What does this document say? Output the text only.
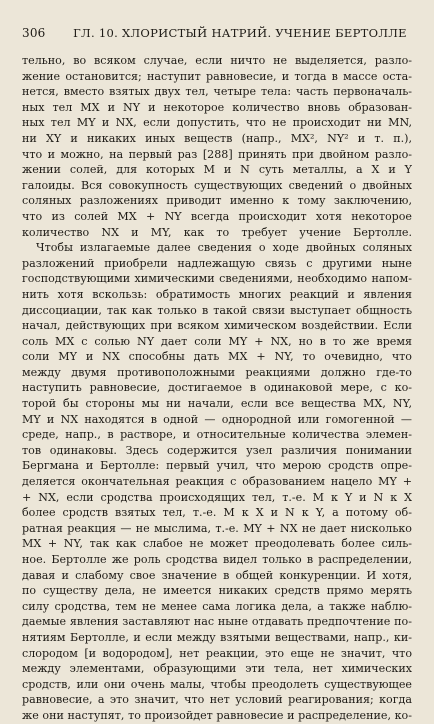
306	ГЛ. 10. ХЛОРИСТЫЙ НАТРИЙ. УЧЕНИЕ БЕРТОЛЛЕ
тельно, во всяком случае, если ничто не выделяется, разло-
жение остановится; наступит равновесие, и тогда в массе оста-
нется, вместо взятых двух тел, четыре тела: часть первоначаль-
ных тел MX и NY и некоторое количество вновь образован-
ных тел MY и NX, если допустить, что не происходит ни MN,
ни XY и никаких иных веществ (напр., MX², NY² и т. п.),
что и можно, на первый раз [288] принять при двойном разло-
жении солей, для которых M и N суть металлы, а X и Y
галоиды. Вся совокупность существующих сведений о двойных
соляных разложениях приводит именно к тому заключению,
что из солей MX + NY всегда происходит хотя некоторое
количество NX и MY, как то требует учение Бертолле.
Чтобы излагаемые далее сведения о ходе двойных соляных
разложений приобрели надлежащую связь с другими ныне
господствующими химическими сведениями, необходимо напом-
нить хотя вскользь: обратимость многих реакций и явления
диссоциации, так как только в такой связи выступает общность
начал, действующих при всяком химическом воздействии. Если
соль MX с солью NY дает соли MY + NX, но в то же время
соли MY и NX способны дать MX + NY, то очевидно, что
между двумя противоположными реакциями должно где-то
наступить равновесие, достигаемое в одинаковой мере, с ко-
торой бы стороны мы ни начали, если все вещества MX, NY,
MY и NX находятся в одной — однородной или гомогенной —
среде, напр., в растворе, и относительные количества элемен-
тов одинаковы. Здесь содержится узел различия понимании
Бергмана и Бертолле: первый учил, что мерою сродств опре-
деляется окончательная реакция с образованием нацело MY +
+ NX, если сродства происходящих тел, т.-е. M к Y и N к X
более сродств взятых тел, т.-е. M к X и N к Y, а потому об-
ратная реакция — не мыслима, т.-е. MY + NX не дает нисколько
MX + NY, так как слабое не может преодолевать более силь-
ное. Бертолле же роль сродства видел только в распределении,
давая и слабому свое значение в общей конкуренции. И хотя,
по существу дела, не имеется никаких средств прямо мерять
силу сродства, тем не менее сама логика дела, а также наблю-
даемые явления заставляют нас ныне отдавать предпочтение по-
нятиям Бертолле, и если между взятыми веществами, напр., ки-
слородом [и водородом], нет реакции, это еще не значит, что
между элементами, образующими эти тела, нет химических
сродств, или они очень малы, чтобы преодолеть существующее
равновесие, а это значит, что нет условий реагирования; когда
же они наступят, то произойдет равновесие и распределение, ко-
